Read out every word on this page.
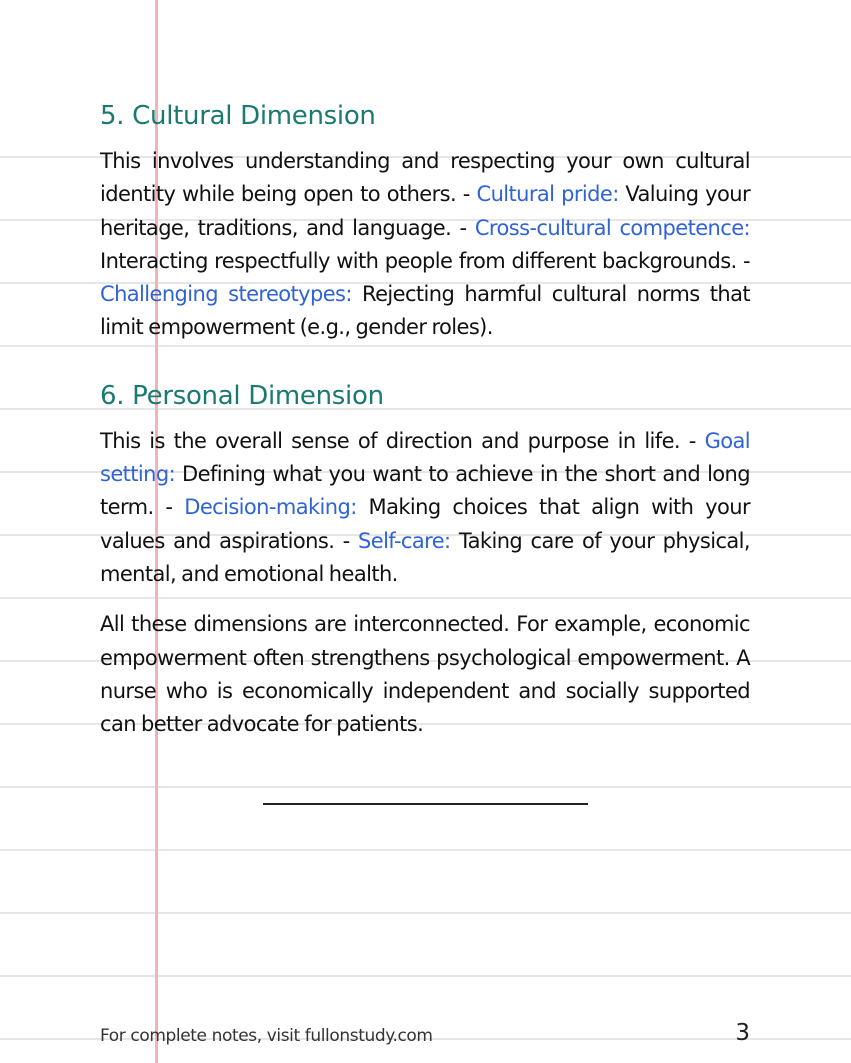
5. Cultural Dimension

This involves understanding and respecting your own cultural identity while being open to others. - Cultural pride: Valuing your heritage, traditions, and language. - Cross-cultural competence: Interacting respectfully with people from different backgrounds. - Challenging stereotypes: Rejecting harmful cultural norms that limit empowerment (e.g., gender roles).

6. Personal Dimension

This is the overall sense of direction and purpose in life. - Goal setting: Defining what you want to achieve in the short and long term. - Decision-making: Making choices that align with your values and aspirations. - Self-care: Taking care of your physical, mental, and emotional health.

All these dimensions are interconnected. For example, economic empowerment often strengthens psychological empowerment. A nurse who is economically independent and socially supported can better advocate for patients.

For complete notes, visit fullonstudy.com	3
